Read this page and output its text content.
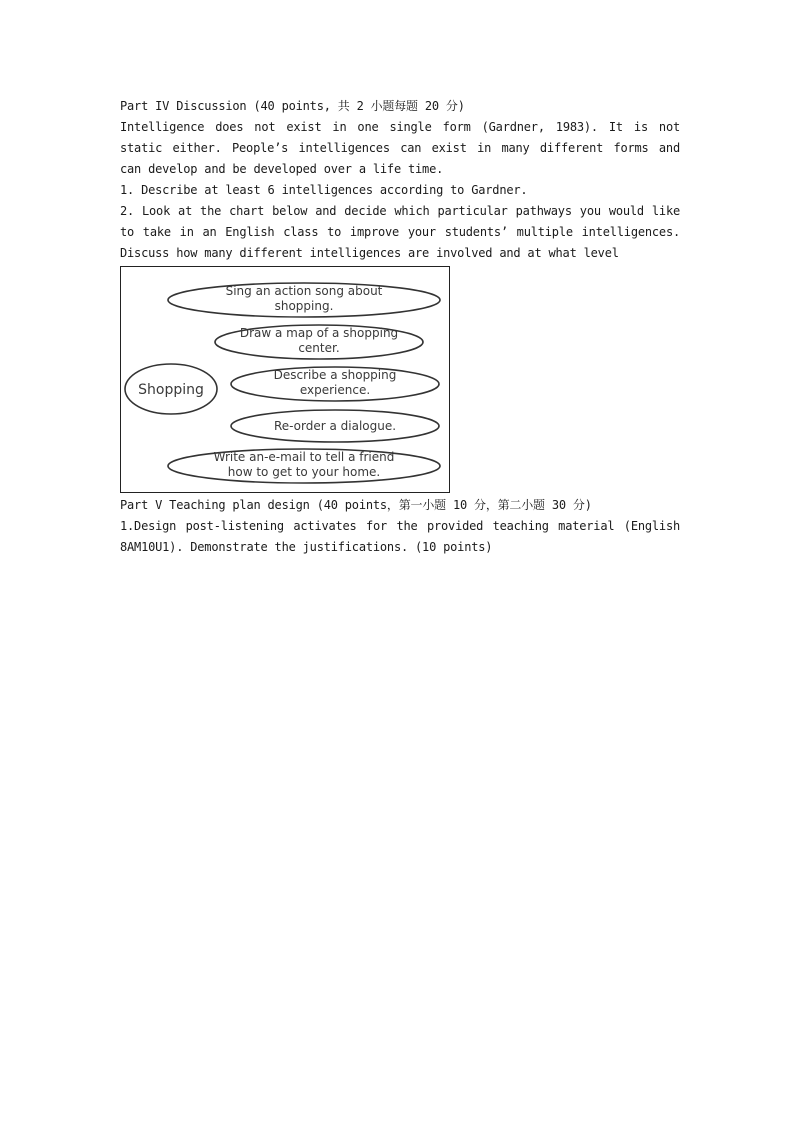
Part IV Discussion (40 points, 共 2 小题每题 20 分)
Intelligence does not exist in one single form (Gardner, 1983). It is not
static either. People’s intelligences can exist in many different forms and
can develop and be developed over a life time.
1. Describe at least 6 intelligences according to Gardner.
2. Look at the chart below and decide which particular pathways you would like
to take in an English class to improve your students’ multiple intelligences.
Discuss how many different intelligences are involved and at what level
Shopping
Sing an action song about
shopping.
Draw a map of a shopping
center.
Describe a shopping
experience.
Re-order a dialogue.
Write an-e-mail to tell a friend
how to get to your home.
Part V Teaching plan design (40 points，第一小题 10 分，第二小题 30 分)
1.Design post-listening activates for the provided teaching material (English
8AM10U1). Demonstrate the justifications. (10 points)
